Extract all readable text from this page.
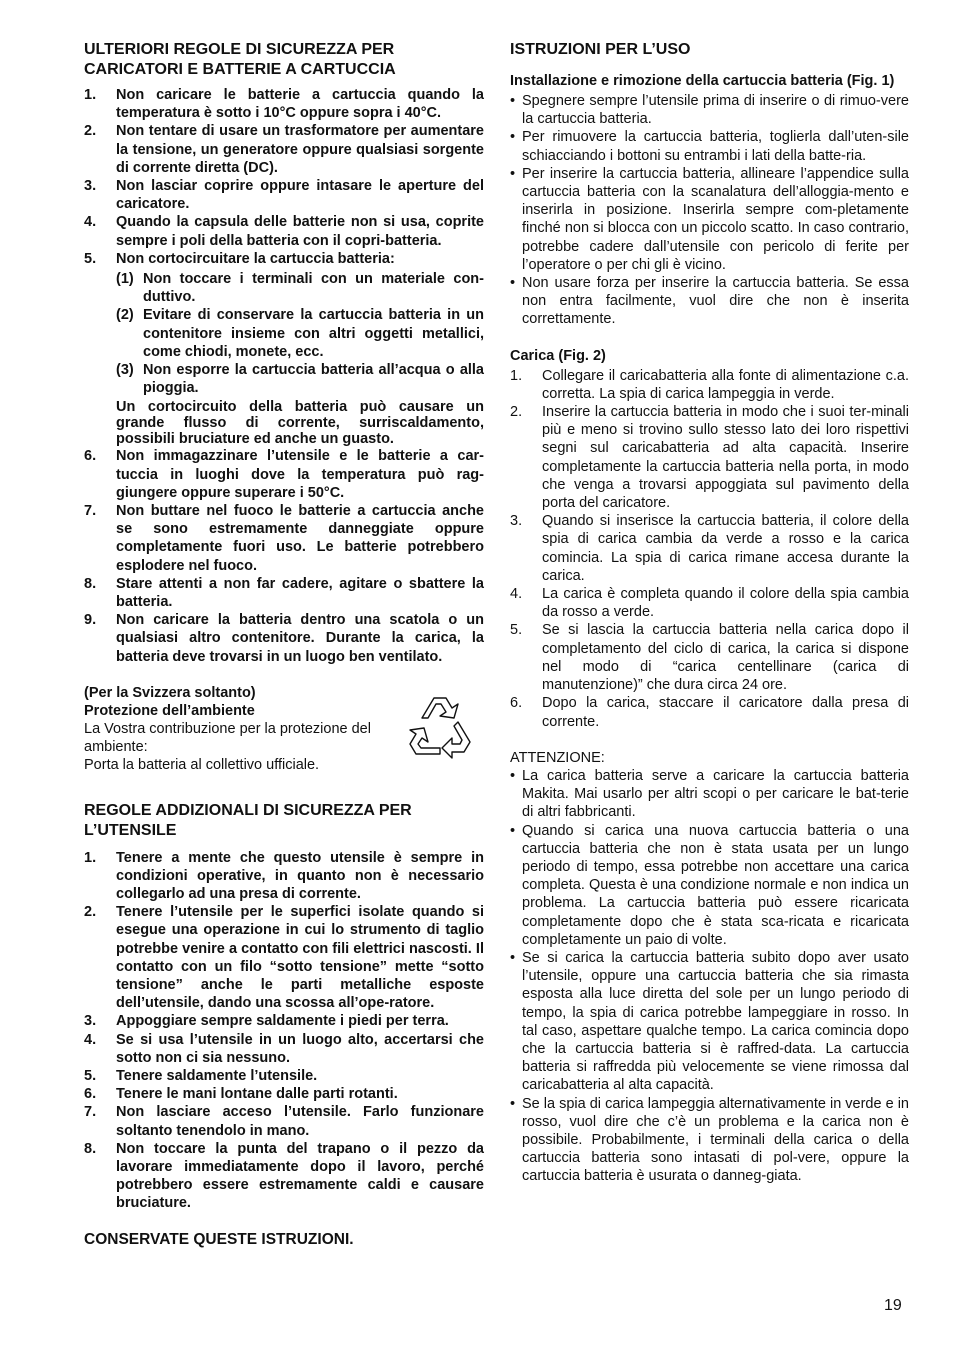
ULTERIORI REGOLE DI SICUREZZA PER CARICATORI E BATTERIE A CARTUCCIA
1. Non caricare le batterie a cartuccia quando la temperatura è sotto i 10°C oppure sopra i 40°C.
2. Non tentare di usare un trasformatore per aumentare la tensione, un generatore oppure qualsiasi sorgente di corrente diretta (DC).
3. Non lasciar coprire oppure intasare le aperture del caricatore.
4. Quando la capsula delle batterie non si usa, coprite sempre i poli della batteria con il copri-batteria.
5. Non cortocircuitare la cartuccia batteria:
(1) Non toccare i terminali con un materiale con-duttivo.
(2) Evitare di conservare la cartuccia batteria in un contenitore insieme con altri oggetti metallici, come chiodi, monete, ecc.
(3) Non esporre la cartuccia batteria all’acqua o alla pioggia.

Un cortocircuito della batteria può causare un grande flusso di corrente, surriscaldamento, possibili bruciature ed anche un guasto.

6. Non immagazzinare l’utensile e le batterie a car-tuccia in luoghi dove la temperatura può rag-giungere oppure superare i 50°C.
7. Non buttare nel fuoco le batterie a cartuccia anche se sono estremamente danneggiate oppure completamente fuori uso. Le batterie potrebbero esplodere nel fuoco.
8. Stare attenti a non far cadere, agitare o sbattere la batteria.
9. Non caricare la batteria dentro una scatola o un qualsiasi altro contenitore. Durante la carica, la batteria deve trovarsi in un luogo ben ventilato.
(Per la Svizzera soltanto)
Protezione dell’ambiente

La Vostra contribuzione per la protezione del ambiente:

Porta la batteria al collettivo ufficiale.

REGOLE ADDIZIONALI DI SICUREZZA PER L’UTENSILE
1. Tenere a mente che questo utensile è sempre in condizioni operative, in quanto non è necessario collegarlo ad una presa di corrente.
2. Tenere l’utensile per le superfici isolate quando si esegue una operazione in cui lo strumento di taglio potrebbe venire a contatto con fili elettrici nascosti. Il contatto con un filo “sotto tensione” mette “sotto tensione” anche le parti metalliche esposte dell’utensile, dando una scossa all’ope-ratore.
3. Appoggiare sempre saldamente i piedi per terra.
4. Se si usa l’utensile in un luogo alto, accertarsi che sotto non ci sia nessuno.
5. Tenere saldamente l’utensile.
6. Tenere le mani lontane dalle parti rotanti.
7. Non lasciare acceso l’utensile. Farlo funzionare soltanto tenendolo in mano.
8. Non toccare la punta del trapano o il pezzo da lavorare immediatamente dopo il lavoro, perché potrebbero essere estremamente caldi e causare bruciature.
CONSERVATE QUESTE ISTRUZIONI.
ISTRUZIONI PER L’USO
Installazione e rimozione della cartuccia batteria (Fig. 1)
• Spegnere sempre l’utensile prima di inserire o di rimuo-vere la cartuccia batteria.
• Per rimuovere la cartuccia batteria, toglierla dall’uten-sile schiacciando i bottoni su entrambi i lati della batte-ria.
• Per inserire la cartuccia batteria, allineare l’appendice sulla cartuccia batteria con la scanalatura dell’alloggia-mento e inserirla in posizione. Inserirla sempre com-pletamente finché non si blocca con un piccolo scatto. In caso contrario, potrebbe cadere dall’utensile con pericolo di ferite per l’operatore o per chi gli è vicino.
• Non usare forza per inserire la cartuccia batteria. Se essa non entra facilmente, vuol dire che non è inserita correttamente.
Carica (Fig. 2)
1. Collegare il caricabatteria alla fonte di alimentazione c.a. corretta. La spia di carica lampeggia in verde.
2. Inserire la cartuccia batteria in modo che i suoi ter-minali più e meno si trovino sullo stesso lato dei loro rispettivi segni sul caricabatteria ad alta capacità. Inserire completamente la cartuccia batteria nella porta, in modo che venga a trovarsi appoggiata sul pavimento della porta del caricatore.
3. Quando si inserisce la cartuccia batteria, il colore della spia di carica cambia da verde a rosso e la carica comincia. La spia di carica rimane accesa durante la carica.
4. La carica è completa quando il colore della spia cambia da rosso a verde.
5. Se si lascia la cartuccia batteria nella carica dopo il completamento del ciclo di carica, la carica si dispone nel modo di “carica centellinare (carica di manutenzione)” che dura circa 24 ore.
6. Dopo la carica, staccare il caricatore dalla presa di corrente.

ATTENZIONE:

• La carica batteria serve a caricare la cartuccia batteria Makita. Mai usarlo per altri scopi o per caricare le bat-terie di altri fabbricanti.
• Quando si carica una nuova cartuccia batteria o una cartuccia batteria che non è stata usata per un lungo periodo di tempo, essa potrebbe non accettare una carica completa. Questa è una condizione normale e non indica un problema. La cartuccia batteria può essere ricaricata completamente dopo che è stata sca-ricata e ricaricata completamente un paio di volte.
• Se si carica la cartuccia batteria subito dopo aver usato l’utensile, oppure una cartuccia batteria che sia rimasta esposta alla luce diretta del sole per un lungo periodo di tempo, la spia di carica potrebbe lampeggiare in rosso. In tal caso, aspettare qualche tempo. La carica comincia dopo che la cartuccia batteria si è raffred-data. La cartuccia batteria si raffredda più velocemente se viene rimossa dal caricabatteria al alta capacità.
• Se la spia di carica lampeggia alternativamente in verde e in rosso, vuol dire che c’è un problema e la carica non è possibile. Probabilmente, i terminali della carica o della cartuccia batteria sono intasati di pol-vere, oppure la cartuccia batteria è usurata o danneg-giata.
19
